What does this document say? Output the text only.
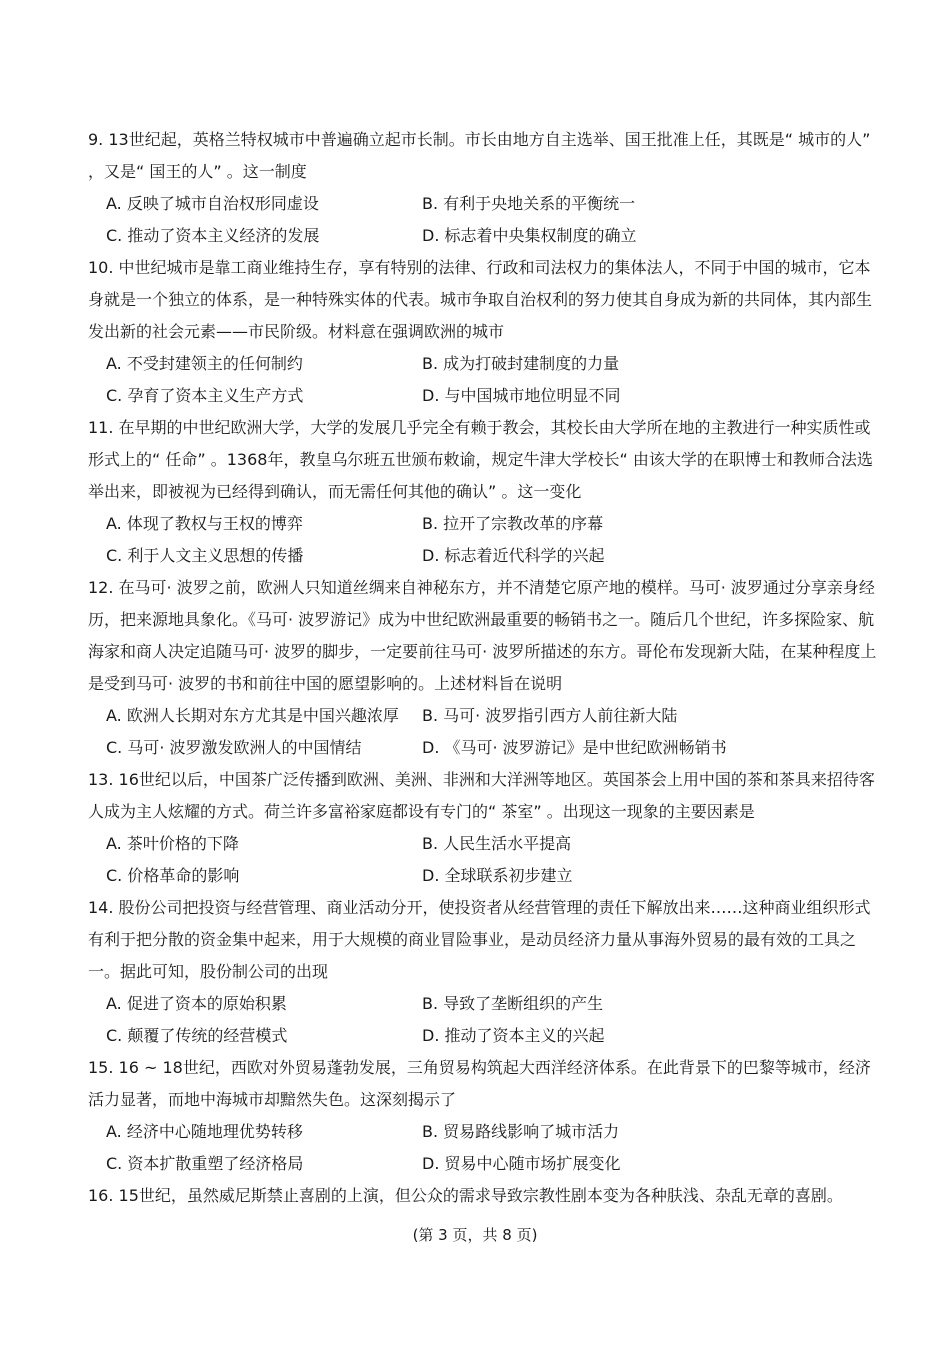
9. 13世纪起，英格兰特权城市中普遍确立起市长制。市长由地方自主选举、国王批准上任，其既是“ 城市的人” ，又是“ 国王的人” 。这一制度

A. 反映了城市自治权形同虚设	B. 有利于央地关系的平衡统一
C. 推动了资本主义经济的发展	D. 标志着中央集权制度的确立

10. 中世纪城市是靠工商业维持生存，享有特别的法律、行政和司法权力的集体法人，不同于中国的城市，它本身就是一个独立的体系，是一种特殊实体的代表。城市争取自治权利的努力使其自身成为新的共同体，其内部生发出新的社会元素——市民阶级。材料意在强调欧洲的城市

A. 不受封建领主的任何制约	B. 成为打破封建制度的力量
C. 孕育了资本主义生产方式	D. 与中国城市地位明显不同

11. 在早期的中世纪欧洲大学，大学的发展几乎完全有赖于教会，其校长由大学所在地的主教进行一种实质性或形式上的“ 任命” 。1368年，教皇乌尔班五世颁布敕谕，规定牛津大学校长“ 由该大学的在职博士和教师合法选举出来，即被视为已经得到确认，而无需任何其他的确认” 。这一变化

A. 体现了教权与王权的博弈	B. 拉开了宗教改革的序幕
C. 利于人文主义思想的传播	D. 标志着近代科学的兴起

12. 在马可· 波罗之前，欧洲人只知道丝绸来自神秘东方，并不清楚它原产地的模样。马可· 波罗通过分享亲身经历，把来源地具象化。《马可· 波罗游记》成为中世纪欧洲最重要的畅销书之一。随后几个世纪，许多探险家、航海家和商人决定追随马可· 波罗的脚步，一定要前往马可· 波罗所描述的东方。哥伦布发现新大陆，在某种程度上是受到马可· 波罗的书和前往中国的愿望影响的。上述材料旨在说明

A. 欧洲人长期对东方尤其是中国兴趣浓厚	B. 马可· 波罗指引西方人前往新大陆
C. 马可· 波罗激发欧洲人的中国情结	D. 《马可· 波罗游记》是中世纪欧洲畅销书

13. 16世纪以后，中国茶广泛传播到欧洲、美洲、非洲和大洋洲等地区。英国茶会上用中国的茶和茶具来招待客人成为主人炫耀的方式。荷兰许多富裕家庭都设有专门的“ 茶室” 。出现这一现象的主要因素是

A. 茶叶价格的下降	B. 人民生活水平提高
C. 价格革命的影响	D. 全球联系初步建立

14. 股份公司把投资与经营管理、商业活动分开，使投资者从经营管理的责任下解放出来……这种商业组织形式有利于把分散的资金集中起来，用于大规模的商业冒险事业，是动员经济力量从事海外贸易的最有效的工具之一。据此可知，股份制公司的出现

A. 促进了资本的原始积累	B. 导致了垄断组织的产生
C. 颠覆了传统的经营模式	D. 推动了资本主义的兴起

15. 16 ~ 18世纪，西欧对外贸易蓬勃发展，三角贸易构筑起大西洋经济体系。在此背景下的巴黎等城市，经济活力显著，而地中海城市却黯然失色。这深刻揭示了

A. 经济中心随地理优势转移	B. 贸易路线影响了城市活力
C. 资本扩散重塑了经济格局	D. 贸易中心随市场扩展变化

16. 15世纪，虽然威尼斯禁止喜剧的上演，但公众的需求导致宗教性剧本变为各种肤浅、杂乱无章的喜剧。

(第 3 页，共 8 页)
